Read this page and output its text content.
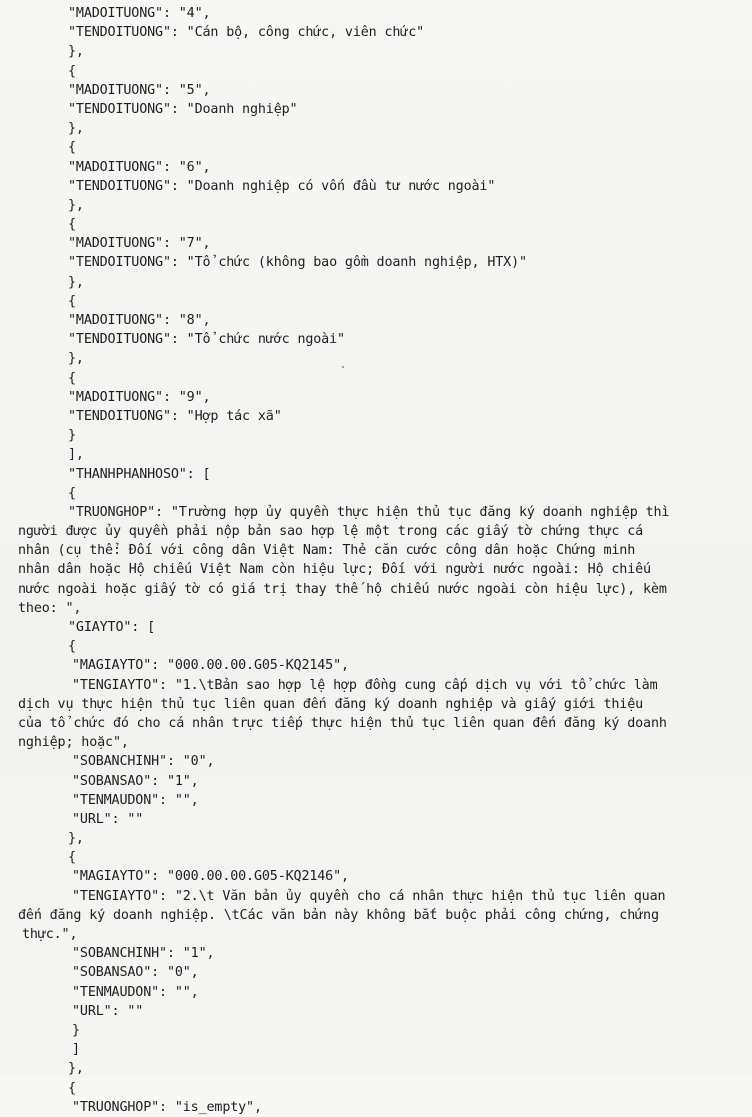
"MADOITUONG": "4",
"TENDOITUONG": "Cán bộ, công chức, viên chức"
},
{
"MADOITUONG": "5",
"TENDOITUONG": "Doanh nghiệp"
},
{
"MADOITUONG": "6",
"TENDOITUONG": "Doanh nghiệp có vốn đầu tư nước ngoài"
},
{
"MADOITUONG": "7",
"TENDOITUONG": "Tổ chức (không bao gồm doanh nghiệp, HTX)"
},
{
"MADOITUONG": "8",
"TENDOITUONG": "Tổ chức nước ngoài"
},
{
"MADOITUONG": "9",
"TENDOITUONG": "Hợp tác xã"
}
],
"THANHPHANHOSO": [
{
"TRUONGHOP": "Trường hợp ủy quyền thực hiện thủ tục đăng ký doanh nghiệp thì
người được ủy quyền phải nộp bản sao hợp lệ một trong các giấy tờ chứng thực cá
nhân (cụ thể: Đối với công dân Việt Nam: Thẻ căn cước công dân hoặc Chứng minh
nhân dân hoặc Hộ chiếu Việt Nam còn hiệu lực; Đối với người nước ngoài: Hộ chiếu
nước ngoài hoặc giấy tờ có giá trị thay thế hộ chiếu nước ngoài còn hiệu lực), kèm
theo: ",
"GIAYTO": [
{
"MAGIAYTO": "000.00.00.G05-KQ2145",
"TENGIAYTO": "1.\tBản sao hợp lệ hợp đồng cung cấp dịch vụ với tổ chức làm
dịch vụ thực hiện thủ tục liên quan đến đăng ký doanh nghiệp và giấy giới thiệu
của tổ chức đó cho cá nhân trực tiếp thực hiện thủ tục liên quan đến đăng ký doanh
nghiệp; hoặc",
"SOBANCHINH": "0",
"SOBANSAO": "1",
"TENMAUDON": "",
"URL": ""
},
{
"MAGIAYTO": "000.00.00.G05-KQ2146",
"TENGIAYTO": "2.\t Văn bản ủy quyền cho cá nhân thực hiện thủ tục liên quan
đến đăng ký doanh nghiệp. \tCác văn bản này không bắt buộc phải công chứng, chứng
thực.",
"SOBANCHINH": "1",
"SOBANSAO": "0",
"TENMAUDON": "",
"URL": ""
}
]
},
{
"TRUONGHOP": "is_empty",
